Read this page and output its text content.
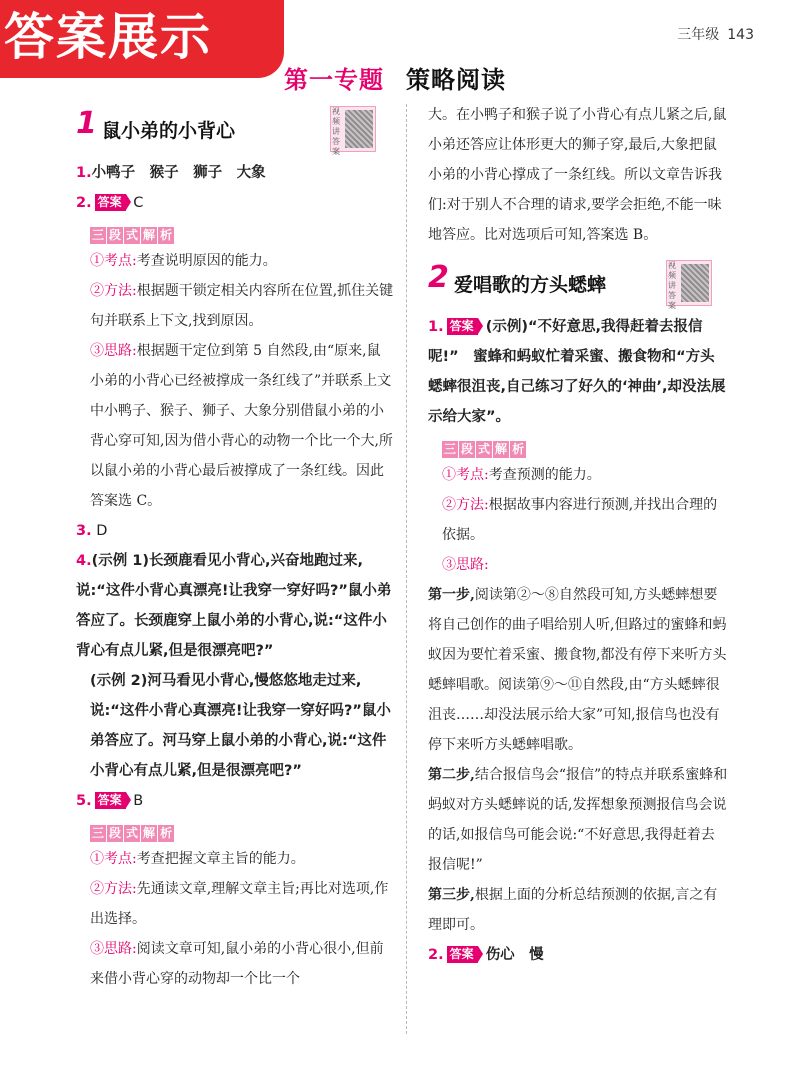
答案展示	三年级 143
第一专题 策略阅读
1 鼠小弟的小背心
视频讲答案

1.小鸭子　猴子　狮子　大象

2. 答案 C

三 段 式 解 析

①考点:考查说明原因的能力。

②方法:根据题干锁定相关内容所在位置,抓住关键句并联系上下文,找到原因。

③思路:根据题干定位到第 5 自然段,由“原来,鼠小弟的小背心已经被撑成一条红线了”并联系上文中小鸭子、猴子、狮子、大象分别借鼠小弟的小背心穿可知,因为借小背心的动物一个比一个大,所以鼠小弟的小背心最后被撑成了一条红线。因此答案选 C。

3. D

4.(示例 1)长颈鹿看见小背心,兴奋地跑过来,说:“这件小背心真漂亮!让我穿一穿好吗?”鼠小弟答应了。长颈鹿穿上鼠小弟的小背心,说:“这件小背心有点儿紧,但是很漂亮吧?”

(示例 2)河马看见小背心,慢悠悠地走过来,说:“这件小背心真漂亮!让我穿一穿好吗?”鼠小弟答应了。河马穿上鼠小弟的小背心,说:“这件小背心有点儿紧,但是很漂亮吧?”

5. 答案 B

三 段 式 解 析

①考点:考查把握文章主旨的能力。

②方法:先通读文章,理解文章主旨;再比对选项,作出选择。

③思路:阅读文章可知,鼠小弟的小背心很小,但前来借小背心穿的动物却一个比一个

大。在小鸭子和猴子说了小背心有点儿紧之后,鼠小弟还答应让体形更大的狮子穿,最后,大象把鼠小弟的小背心撑成了一条红线。所以文章告诉我们:对于别人不合理的请求,要学会拒绝,不能一味地答应。比对选项后可知,答案选 B。

2 爱唱歌的方头蟋蟀
视频讲答案

1. 答案 (示例)“不好意思,我得赶着去报信呢!”　蜜蜂和蚂蚁忙着采蜜、搬食物和“方头蟋蟀很沮丧,自己练习了好久的‘神曲’,却没法展示给大家”。

三 段 式 解 析

①考点:考查预测的能力。

②方法:根据故事内容进行预测,并找出合理的依据。

③思路:

第一步,阅读第②～⑧自然段可知,方头蟋蟀想要将自己创作的曲子唱给别人听,但路过的蜜蜂和蚂蚁因为要忙着采蜜、搬食物,都没有停下来听方头蟋蟀唱歌。阅读第⑨～⑪自然段,由“方头蟋蟀很沮丧……却没法展示给大家”可知,报信鸟也没有停下来听方头蟋蟀唱歌。

第二步,结合报信鸟会“报信”的特点并联系蜜蜂和蚂蚁对方头蟋蟀说的话,发挥想象预测报信鸟会说的话,如报信鸟可能会说:“不好意思,我得赶着去报信呢!”

第三步,根据上面的分析总结预测的依据,言之有理即可。

2. 答案 伤心　慢
